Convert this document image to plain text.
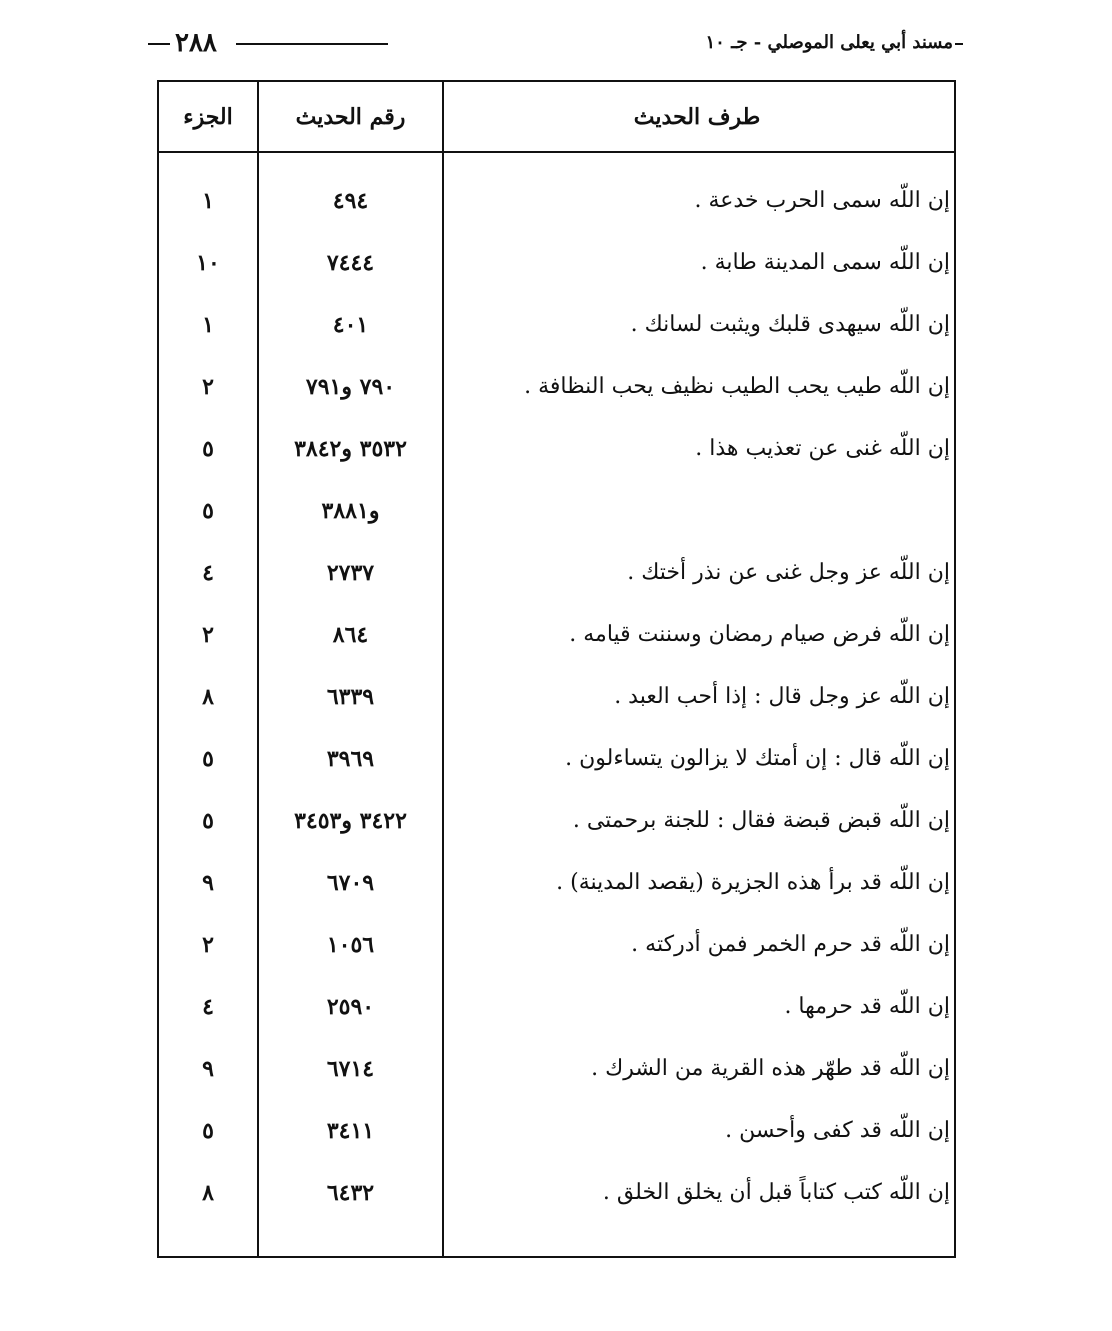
٢٨٨	مسند أبي يعلى الموصلي - جـ ١٠
طرف الحديث
رقم الحديث
الجزء
إن اللّه سمى الحرب خدعة .
٤٩٤
١
إن اللّه سمى المدينة طابة .
٧٤٤٤
١٠
إن اللّه سيهدى قلبك ويثبت لسانك .
٤٠١
١
إن اللّه طيب يحب الطيب نظيف يحب النظافة .
٧٩٠ و٧٩١
٢
إن اللّه غنى عن تعذيب هذا .
٣٥٣٢ و٣٨٤٢
٥
و٣٨٨١
٥
إن اللّه عز وجل غنى عن نذر أختك .
٢٧٣٧
٤
إن اللّه فرض صيام رمضان وسننت قيامه .
٨٦٤
٢
إن اللّه عز وجل قال : إذا أحب العبد .
٦٣٣٩
٨
إن اللّه قال : إن أمتك لا يزالون يتساءلون .
٣٩٦٩
٥
إن اللّه قبض قبضة فقال : للجنة برحمتى .
٣٤٢٢ و٣٤٥٣
٥
إن اللّه قد برأ هذه الجزيرة (يقصد المدينة) .
٦٧٠٩
٩
إن اللّه قد حرم الخمر فمن أدركته .
١٠٥٦
٢
إن اللّه قد حرمها .
٢٥٩٠
٤
إن اللّه قد طهّر هذه القرية من الشرك .
٦٧١٤
٩
إن اللّه قد كفى وأحسن .
٣٤١١
٥
إن اللّه كتب كتاباً قبل أن يخلق الخلق .
٦٤٣٢
٨
